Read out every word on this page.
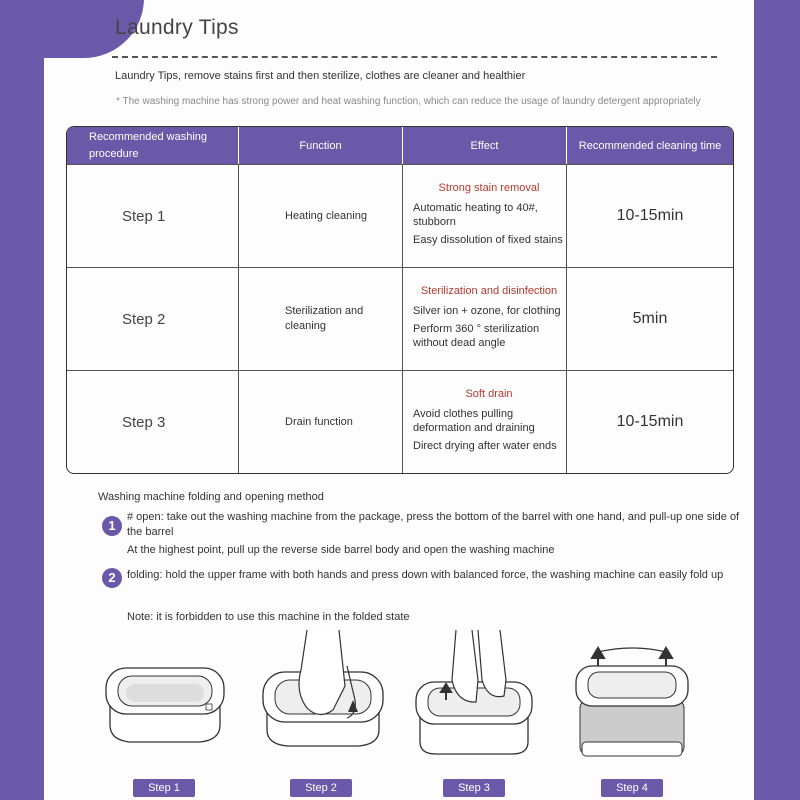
Laundry Tips
Laundry Tips, remove stains first and then sterilize, clothes are cleaner and healthier
* The washing machine has strong power and heat washing function, which can reduce the usage of laundry detergent appropriately
Recommended washing procedure	Function	Effect	Recommended cleaning time
Step 1	Heating cleaning	Strong stain removal
Automatic heating to 40#, stubborn
Easy dissolution of fixed stains	10-15min
Step 2	Sterilization and cleaning	Sterilization and disinfection
Silver ion + ozone, for clothing
Perform 360 ° sterilization without dead angle	5min
Step 3	Drain function	Soft drain
Avoid clothes pulling deformation and draining
Direct drying after water ends	10-15min
Washing machine folding and opening method
1
# open: take out the washing machine from the package, press the bottom of the barrel with one hand, and pull-up one side of the barrel
At the highest point, pull up the reverse side barrel body and open the washing machine
2	folding: hold the upper frame with both hands and press down with balanced force, the washing machine can easily fold up
Note: it is forbidden to use this machine in the folded state
Step 1	Step 2	Step 3	Step 4
